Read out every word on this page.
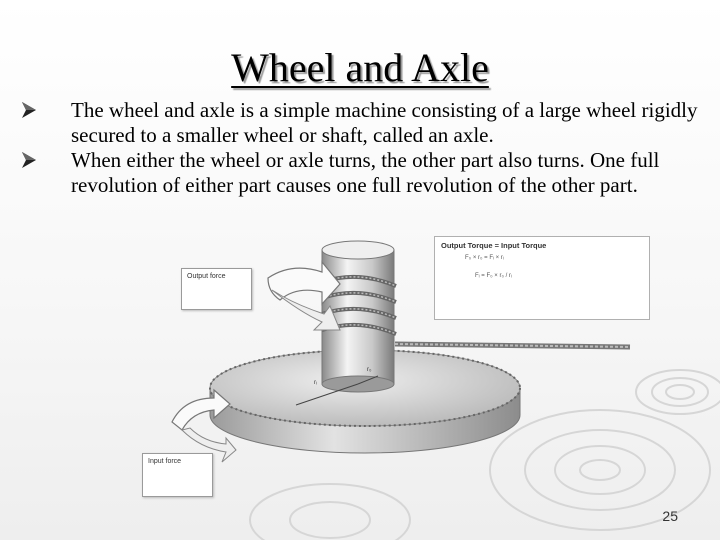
Wheel and Axle
The wheel and axle is a simple machine consisting of a large wheel rigidly secured to a smaller wheel or shaft, called an axle.
When either the wheel or axle turns, the other part also turns. One full revolution of either part causes one full revolution of the other part.
rᵢ
r₀
Output force
Input force
Output Torque = Input Torque
F₀ × r₀ = Fᵢ × rᵢ
Fᵢ = F₀ × r₀ / rᵢ
25
